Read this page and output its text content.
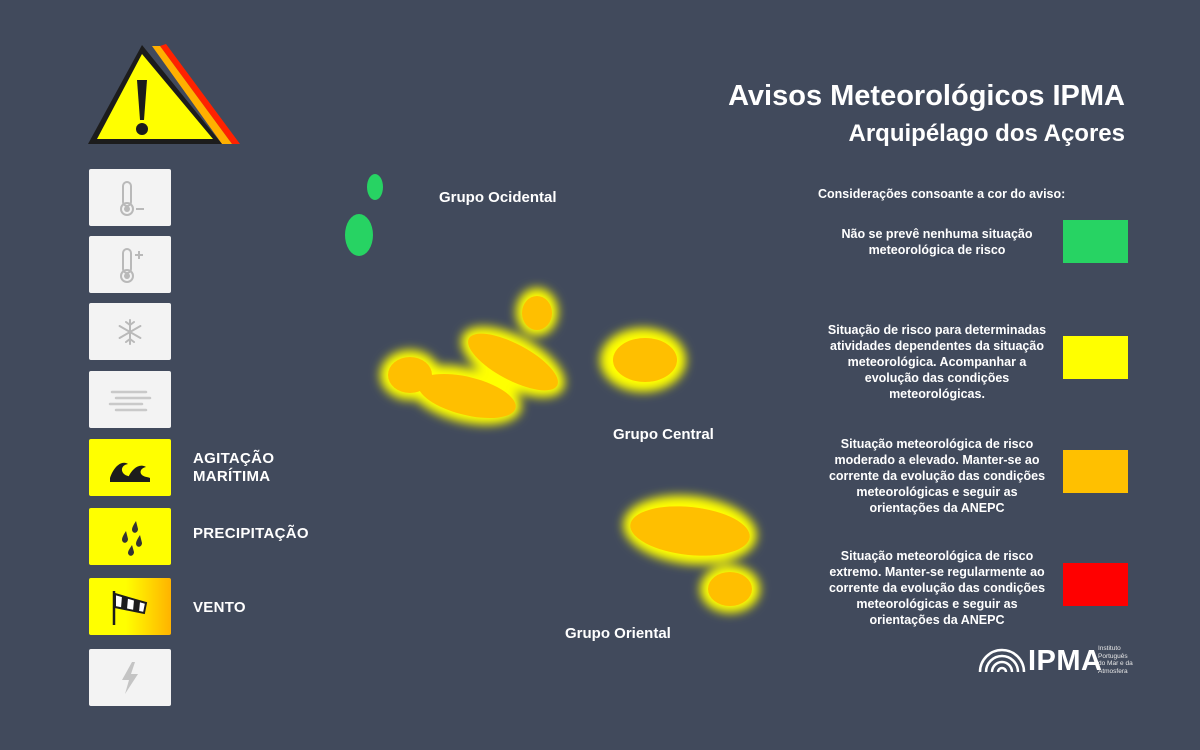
Avisos Meteorológicos IPMA
Arquipélago dos Açores
AGITAÇÃO
MARÍTIMA
PRECIPITAÇÃO
VENTO
Grupo Ocidental
Grupo Central
Grupo Oriental
Considerações consoante a cor do aviso:
Não se prevê nenhuma situação meteorológica de risco
Situação de risco para determinadas atividades dependentes da situação meteorológica. Acompanhar a evolução das condições meteorológicas.
Situação meteorológica de risco moderado a elevado. Manter-se ao corrente da evolução das condições meteorológicas e seguir as orientações da ANEPC
Situação meteorológica de risco extremo. Manter-se regularmente ao corrente da evolução das condições meteorológicas e seguir as orientações da ANEPC
IPMA
Instituto
Português
do Mar e da
Atmosfera
